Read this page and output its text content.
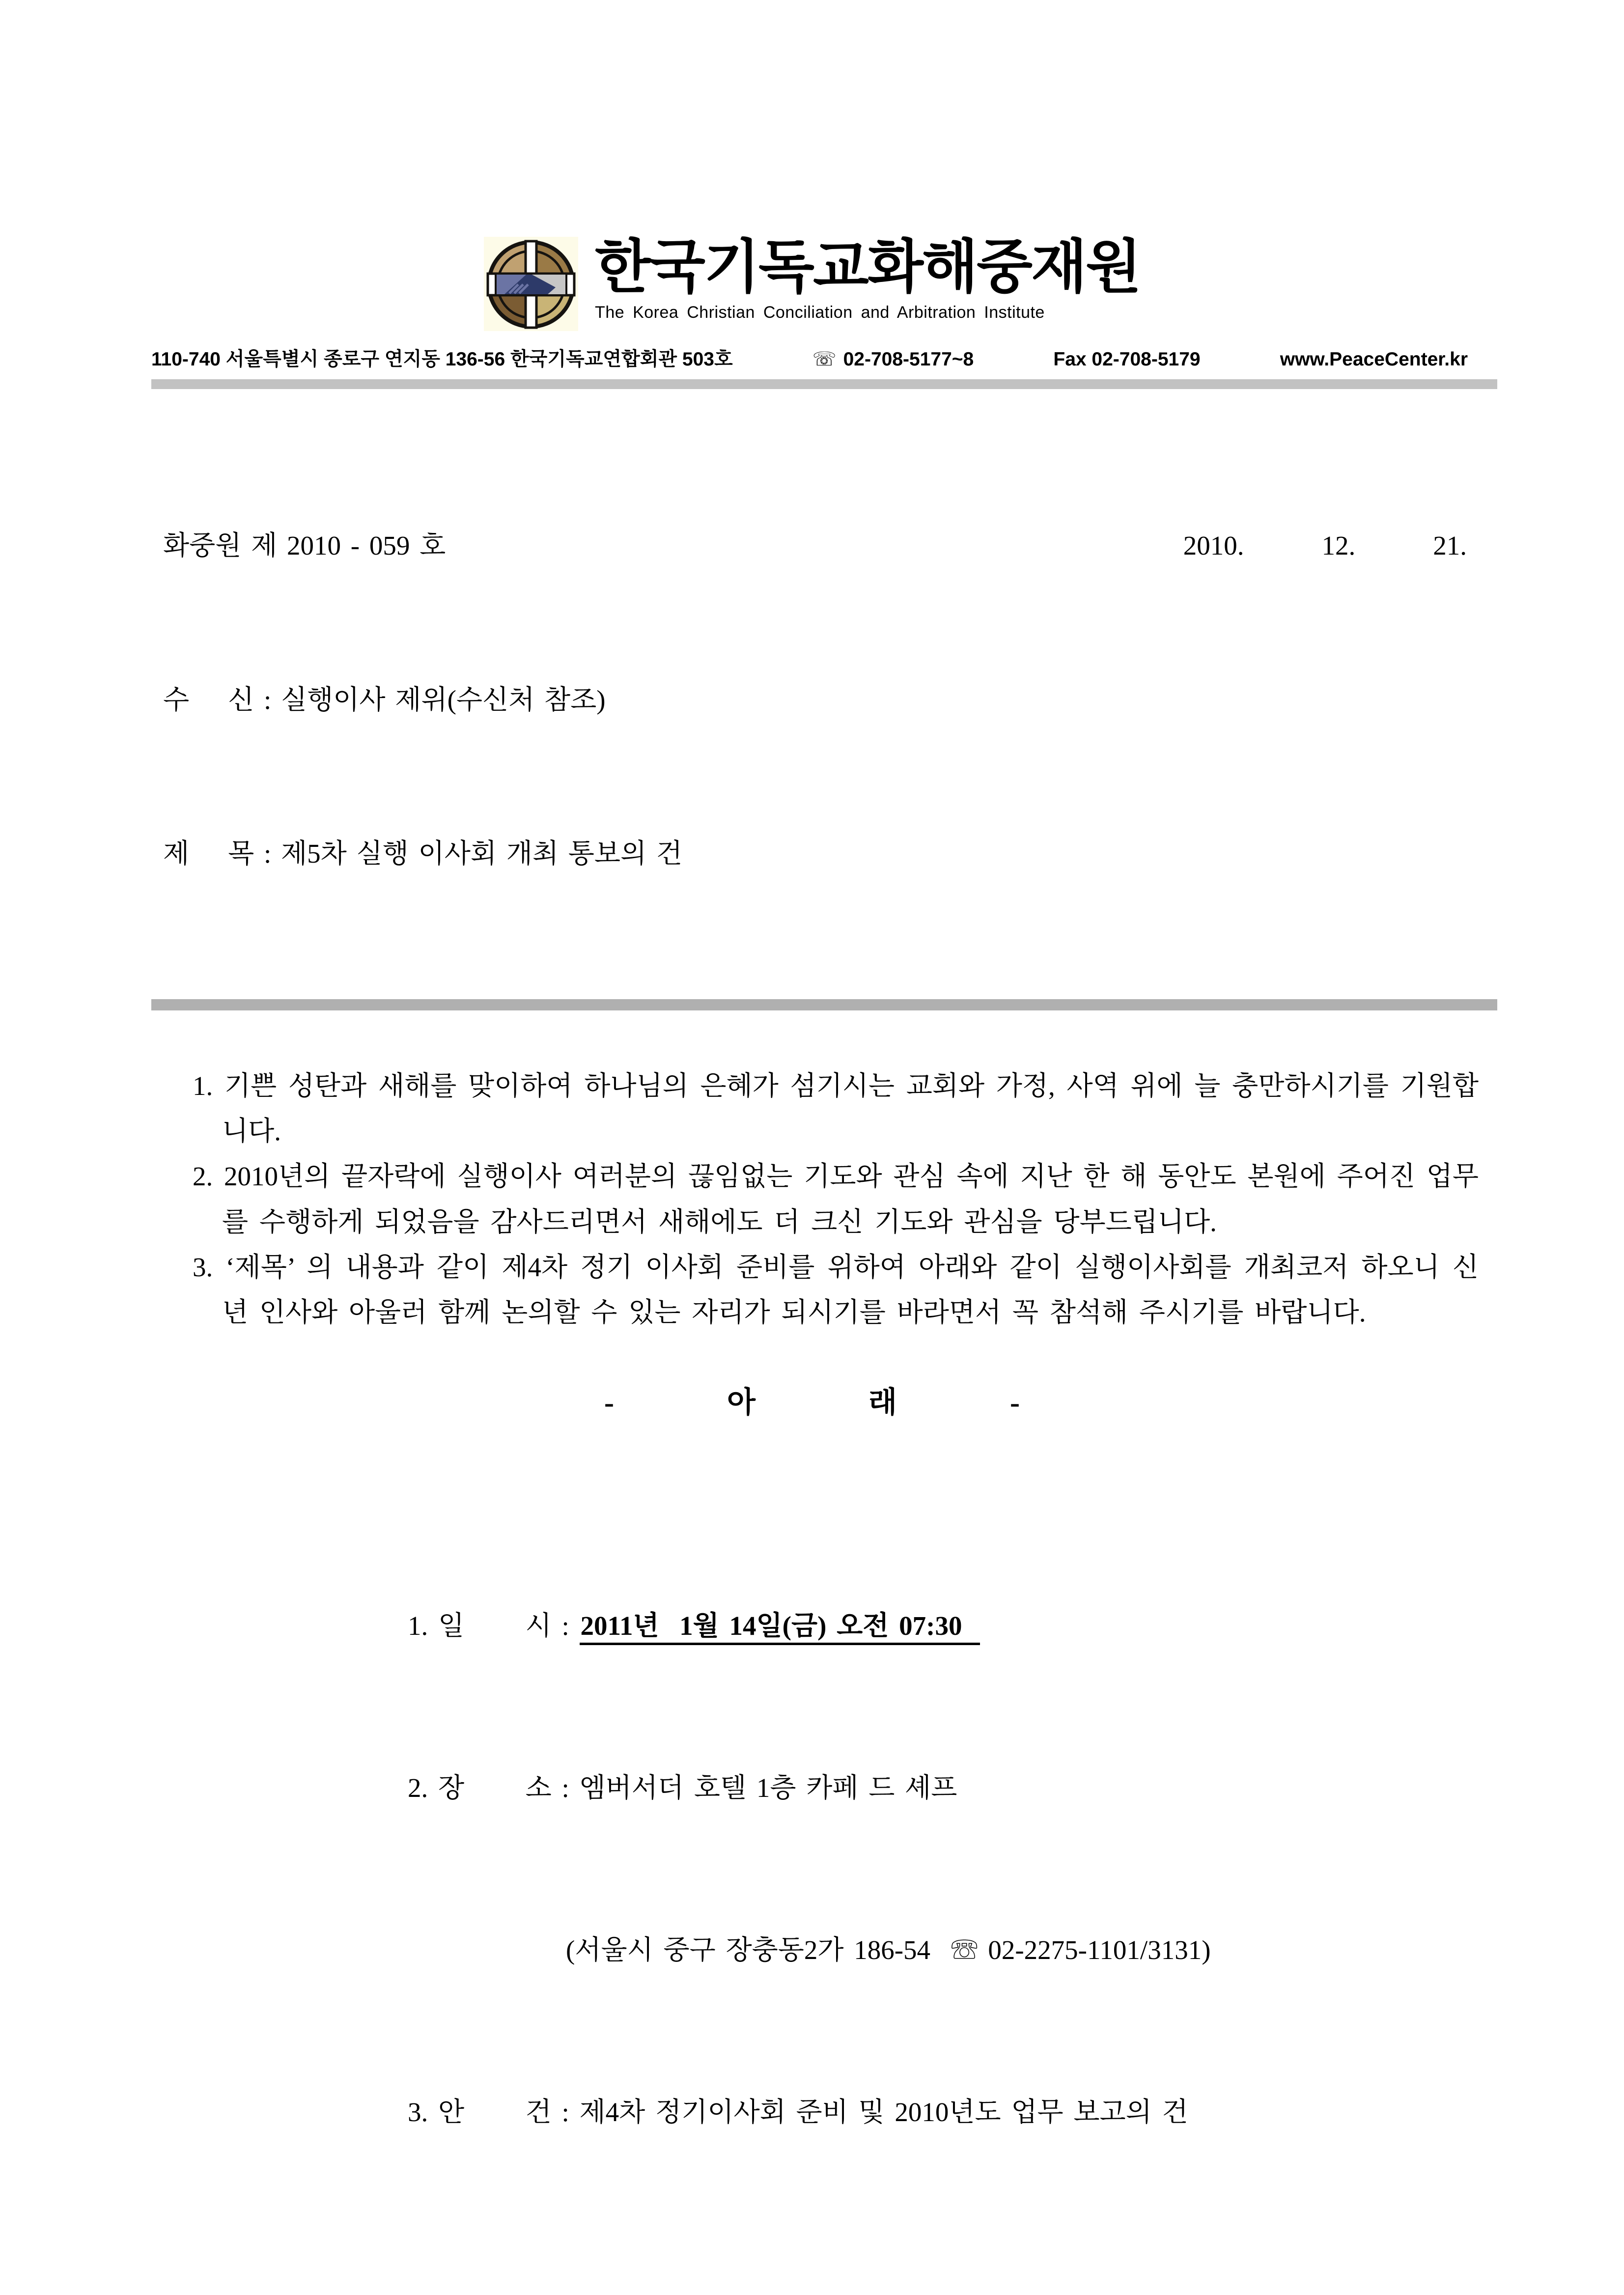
한국기독교화해중재원
The Korea Christian Conciliation and Arbitration Institute
110-740 서울특별시 종로구 연지동 136-56 한국기독교연합회관 503호	☏ 02-708-5177~8	Fax 02-708-5179	www.PeaceCenter.kr

화중원 제 2010 - 059 호	2010.        12.        21.

수    신 : 실행이사 제위(수신처 참조)

제    목 : 제5차 실행 이사회 개최 통보의 건

1. 기쁜 성탄과 새해를 맞이하여 하나님의 은혜가 섬기시는 교회와 가정, 사역 위에 늘 충만하시기를 기원합니다.

2. 2010년의 끝자락에 실행이사 여러분의 끊임없는 기도와 관심 속에 지난 한 해 동안도 본원에 주어진 업무를 수행하게 되었음을 감사드리면서 새해에도 더 크신 기도와 관심을 당부드립니다.

3. ‘제목’ 의 내용과 같이 제4차 정기 이사회 준비를 위하여 아래와 같이 실행이사회를 개최코저 하오니 신년 인사와 아울러 함께 논의할 수 있는 자리가 되시기를 바라면서 꼭 참석해 주시기를 바랍니다.

-          아          래          -

1. 일      시 : 2011년  1월 14일(금) 오전 07:30

2. 장      소 : 엠버서더 호텔 1층 카페 드 셰프

(서울시 중구 장충동2가 186-54  ☏ 02-2275-1101/3131)

3. 안      건 : 제4차 정기이사회 준비 및 2010년도 업무 보고의 건
